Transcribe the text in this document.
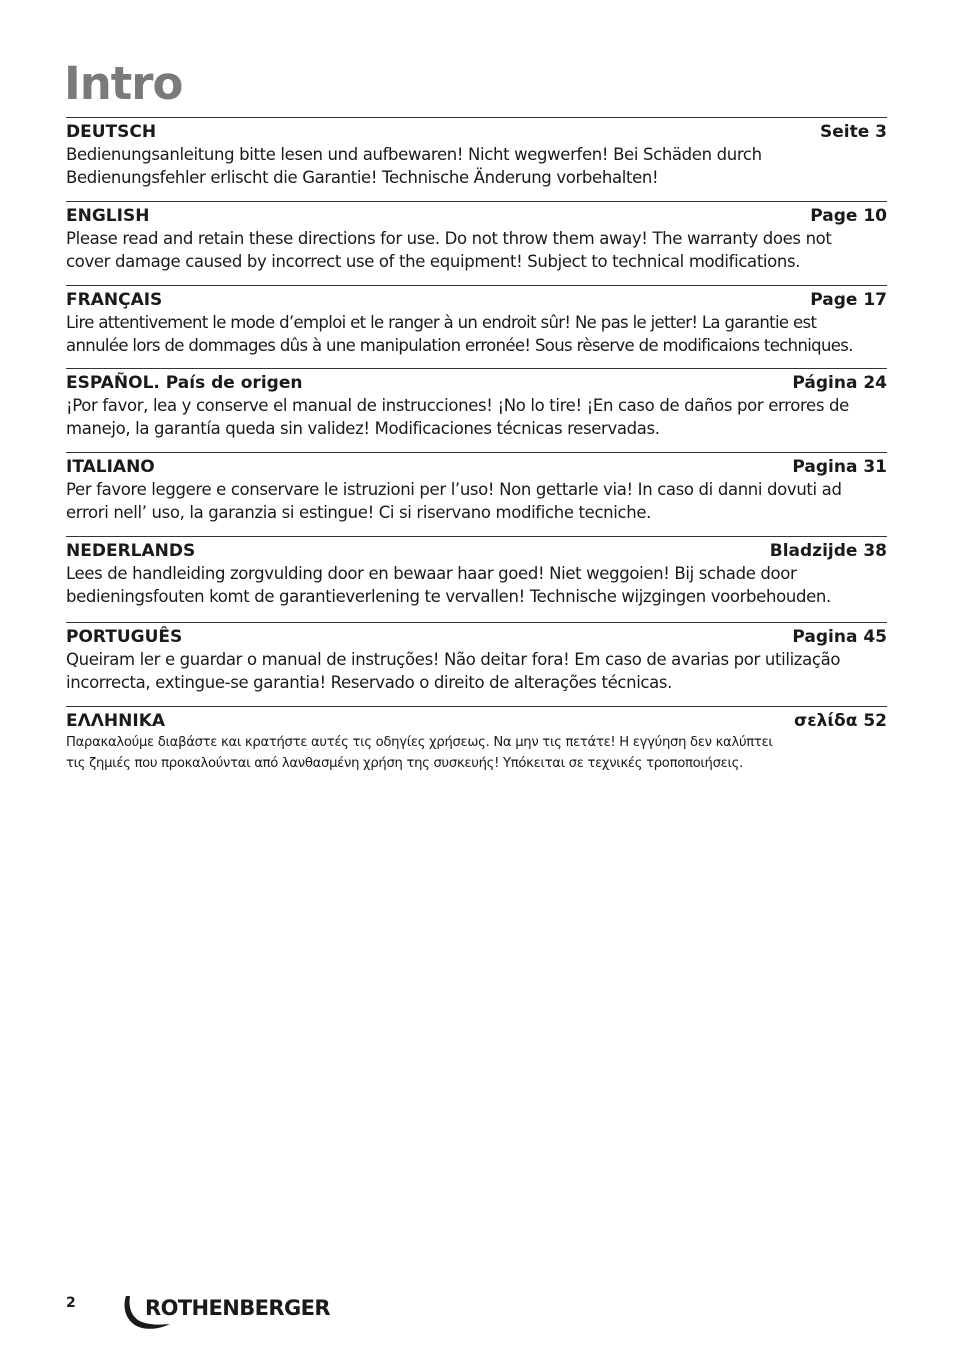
Intro
DEUTSCH	Seite 3

Bedienungsanleitung bitte lesen und aufbewaren! Nicht wegwerfen! Bei Schäden durch
Bedienungsfehler erlischt die Garantie! Technische Änderung vorbehalten!

ENGLISH	Page 10

Please read and retain these directions for use. Do not throw them away! The warranty does not
cover damage caused by incorrect use of the equipment! Subject to technical modifications.

FRANÇAIS	Page 17

Lire attentivement le mode d’emploi et le ranger à un endroit sûr! Ne pas le jetter! La garantie est
annulée lors de dommages dûs à une manipulation erronée! Sous rèserve de modificaions techniques.

ESPAÑOL. País de origen	Página 24

¡Por favor, lea y conserve el manual de instrucciones! ¡No lo tire! ¡En caso de daños por errores de
manejo, la garantía queda sin validez! Modificaciones técnicas reservadas.

ITALIANO	Pagina 31

Per favore leggere e conservare le istruzioni per l’uso! Non gettarle via! In caso di danni dovuti ad
errori nell’ uso, la garanzia si estingue! Ci si riservano modifiche tecniche.

NEDERLANDS	Bladzijde 38

Lees de handleiding zorgvulding door en bewaar haar goed! Niet weggoien! Bij schade door
bedieningsfouten komt de garantieverlening te vervallen! Technische wijzgingen voorbehouden.

PORTUGUÊS	Pagina 45

Queiram ler e guardar o manual de instruções! Não deitar fora! Em caso de avarias por utilização
incorrecta, extingue-se garantia! Reservado o direito de alterações técnicas.

ΕΛΛΗΝΙΚΑ	σελίδα 52

Παρακαλούμε διαβάστε και κρατήστε αυτές τις οδηγίες χρήσεως. Να μην τις πετάτε! Η εγγύηση δεν καλύπτει
τις ζημιές που προκαλούνται από λανθασμένη χρήση της συσκευής! Υπόκειται σε τεχνικές τροποποιήσεις.

2	ROTHENBERGER
